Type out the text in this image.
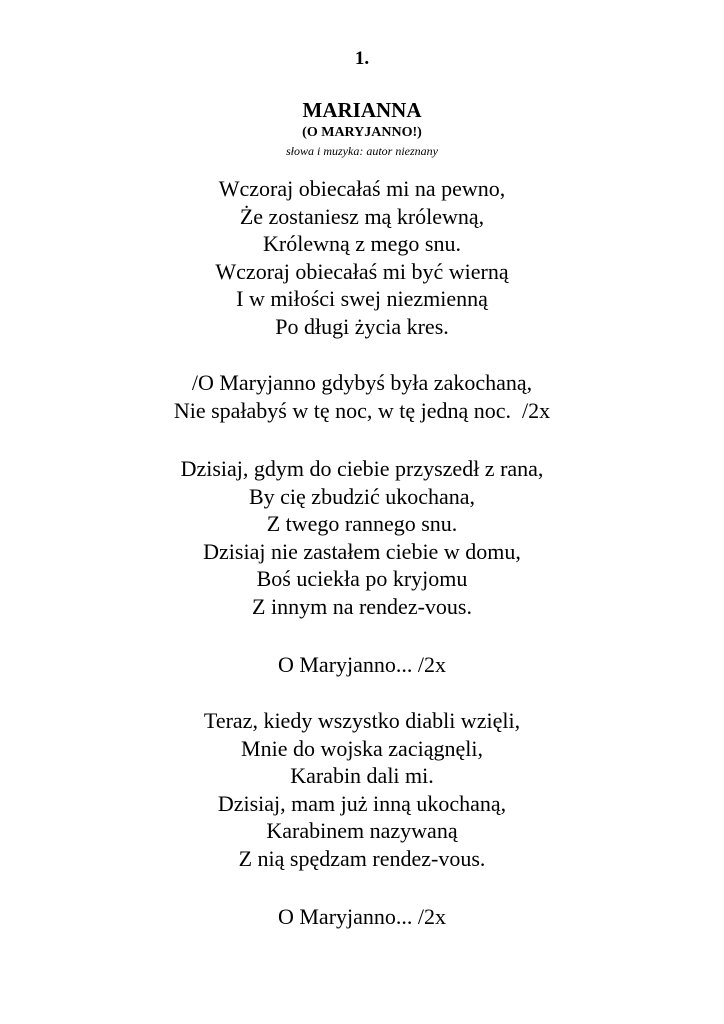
1.
MARIANNA
(O MARYJANNO!)
słowa i muzyka: autor nieznany
Wczoraj obiecałaś mi na pewno,
Że zostaniesz mą królewną,
Królewną z mego snu.
Wczoraj obiecałaś mi być wierną
I w miłości swej niezmienną
Po długi życia kres.
/O Maryjanno gdybyś była zakochaną,
Nie spałabyś w tę noc, w tę jedną noc.  /2x
Dzisiaj, gdym do ciebie przyszedł z rana,
By cię zbudzić ukochana,
Z twego rannego snu.
Dzisiaj nie zastałem ciebie w domu,
Boś uciekła po kryjomu
Z innym na rendez-vous.
O Maryjanno... /2x
Teraz, kiedy wszystko diabli wzięli,
Mnie do wojska zaciągnęli,
Karabin dali mi.
Dzisiaj, mam już inną ukochaną,
Karabinem nazywaną
Z nią spędzam rendez-vous.
O Maryjanno... /2x
